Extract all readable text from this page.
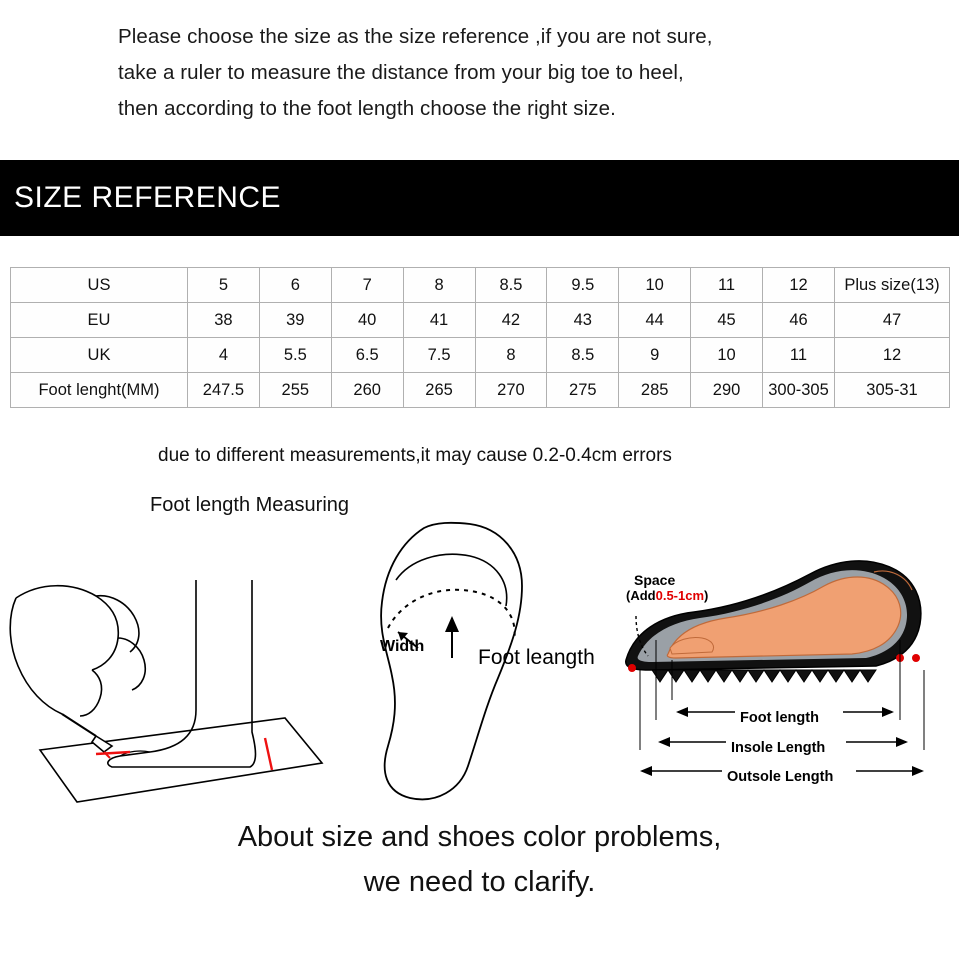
Please choose the size as the size reference ,if you are not sure,

take a ruler to measure the distance from your big toe to heel,

then according to the foot length choose the right size.

SIZE REFERENCE
US	5	6	7	8	8.5	9.5	10	11	12	Plus size(13)
EU	38	39	40	41	42	43	44	45	46	47
UK	4	5.5	6.5	7.5	8	8.5	9	10	11	12
Foot lenght(MM)	247.5	255	260	265	270	275	285	290	300-305	305-31
due to different measurements,it may cause 0.2-0.4cm errors
Foot length Measuring
Width	Foot leangth
Space
(Add0.5-1cm)
Foot length
Insole Length
Outsole Length
About size and shoes color problems,
we need to clarify.
